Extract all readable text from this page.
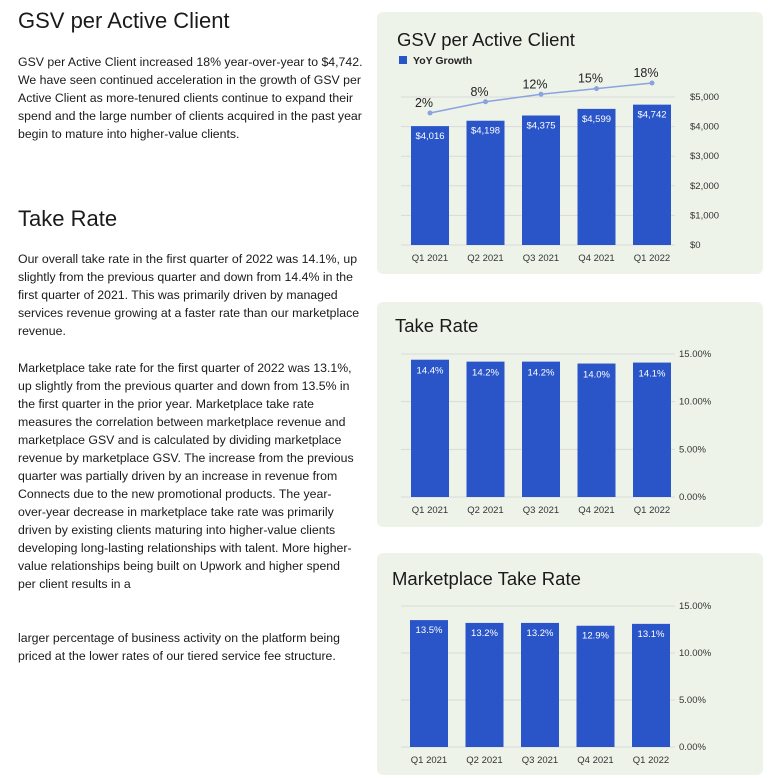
GSV per Active Client

GSV per Active Client increased 18% year-over-year to $4,742. We have seen continued acceleration in the growth of GSV per Active Client as more-tenured clients continue to expand their spend and the large number of clients acquired in the past year begin to mature into higher-value clients.

Take Rate

Our overall take rate in the first quarter of 2022 was 14.1%, up slightly from the previous quarter and down from 14.4% in the first quarter of 2021. This was primarily driven by managed services revenue growing at a faster rate than our marketplace revenue.

Marketplace take rate for the first quarter of 2022 was 13.1%, up slightly from the previous quarter and down from 13.5% in the first quarter in the prior year. Marketplace take rate measures the correlation between marketplace revenue and marketplace GSV and is calculated by dividing marketplace revenue by marketplace GSV. The increase from the previous quarter was partially driven by an increase in revenue from Connects due to the new promotional products. The year-over-year decrease in marketplace take rate was primarily driven by existing clients maturing into higher-value clients developing long-lasting relationships with talent. More higher-value relationships being built on Upwork and higher spend per client results in a

larger percentage of business activity on the platform being priced at the lower rates of our tiered service fee structure.

GSV per Active Client
$0
$1,000
$2,000
$3,000
$4,000
$5,000
$4,016
Q1 2021
$4,198
Q2 2021
$4,375
Q3 2021
$4,599
Q4 2021
$4,742
Q1 2022
YoY Growth
2%
8%
12% 15% 18%
Take Rate
0.00%
5.00%
10.00%
15.00%
14.4%
Q1 2021
14.2%
Q2 2021
14.2%
Q3 2021
14.0%
Q4 2021
14.1%
Q1 2022
Marketplace Take Rate
0.00%
5.00%
10.00%
15.00%
13.5%
Q1 2021
13.2%
Q2 2021
13.2%
Q3 2021
12.9%
Q4 2021
13.1%
Q1 2022
